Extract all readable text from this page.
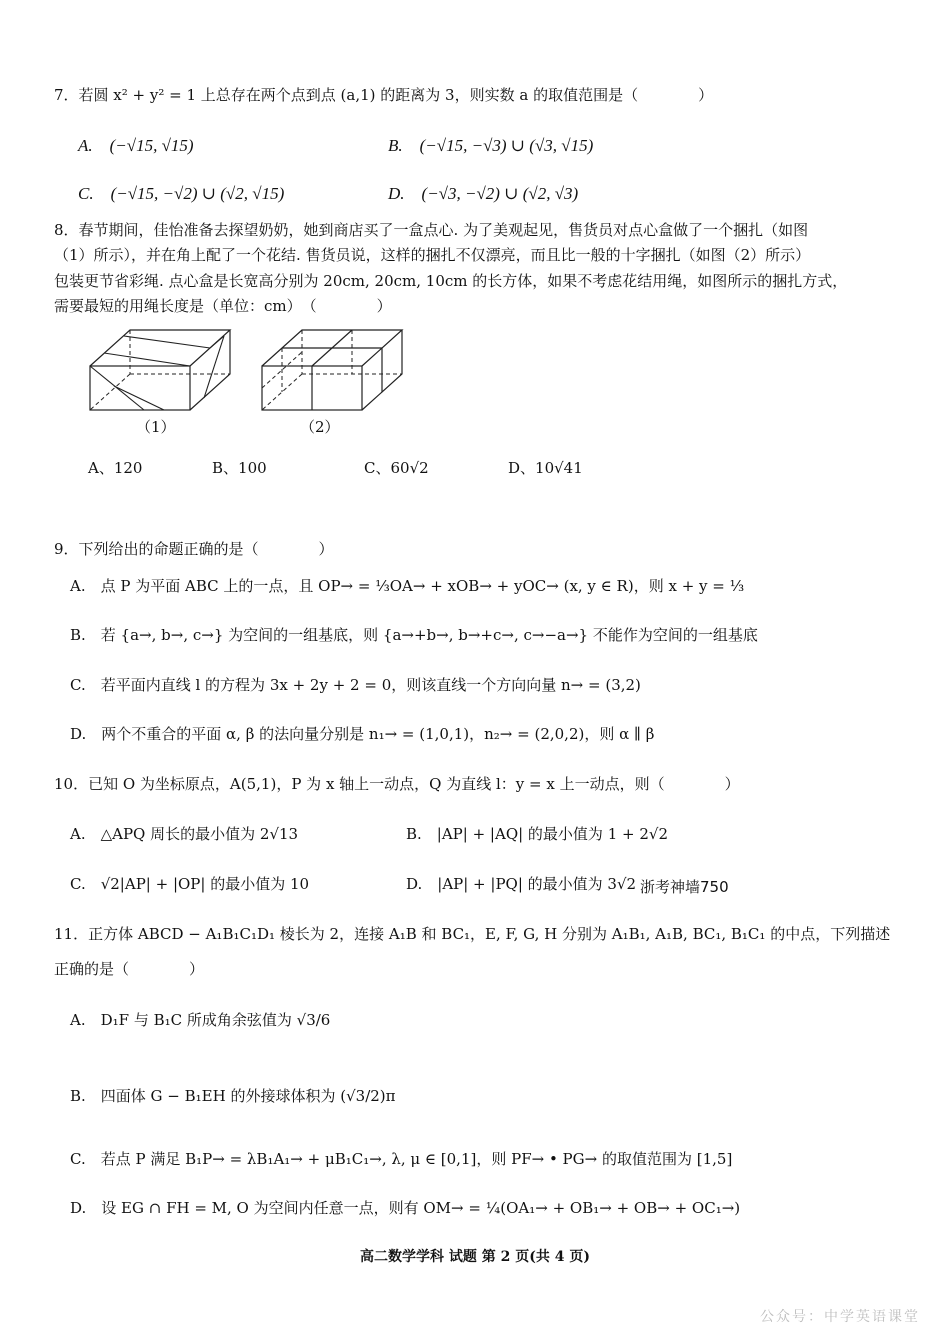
7．若圆 x² + y² = 1 上总存在两个点到点 (a,1) 的距离为 3，则实数 a 的取值范围是（　　　　）
A.　(−√15, √15)	B.　(−√15, −√3) ∪ (√3, √15)
C.　(−√15, −√2) ∪ (√2, √15)	D.　(−√3, −√2) ∪ (√2, √3)
8．春节期间，佳怡准备去探望奶奶，她到商店买了一盒点心. 为了美观起见，售货员对点心盒做了一个捆扎（如图
（1）所示），并在角上配了一个花结. 售货员说，这样的捆扎不仅漂亮，而且比一般的十字捆扎（如图（2）所示）
包装更节省彩绳. 点心盒是长宽高分别为 20cm, 20cm, 10cm 的长方体，如果不考虑花结用绳，如图所示的捆扎方式，
需要最短的用绳长度是（单位：cm）　（　　　　）
（1）	（2）
A、120	B、100	C、60√2	D、10√41
9．下列给出的命题正确的是（　　　　）
A.　点 P 为平面 ABC 上的一点，且 OP→ = ⅓OA→ + xOB→ + yOC→ (x, y ∈ R)，则 x + y = ⅓
B.　若 {a→, b→, c→} 为空间的一组基底，则 {a→+b→, b→+c→, c→−a→} 不能作为空间的一组基底
C.　若平面内直线 l 的方程为 3x + 2y + 2 = 0，则该直线一个方向向量 n→ = (3,2)
D.　两个不重合的平面 α, β 的法向量分别是 n₁→ = (1,0,1)，n₂→ = (2,0,2)，则 α ∥ β
10．已知 O 为坐标原点，A(5,1)，P 为 x 轴上一动点，Q 为直线 l：y = x 上一动点，则（　　　　）
A.　△APQ 周长的最小值为 2√13	B.　|AP| + |AQ| 的最小值为 1 + 2√2
C.　√2|AP| + |OP| 的最小值为 10	D.　|AP| + |PQ| 的最小值为 3√2 浙考神墙750
11．正方体 ABCD − A₁B₁C₁D₁ 棱长为 2，连接 A₁B 和 BC₁，E, F, G, H 分别为 A₁B₁, A₁B, BC₁, B₁C₁ 的中点，下列描述
正确的是（　　　　）
A.　D₁F 与 B₁C 所成角余弦值为 √3/6
B.　四面体 G − B₁EH 的外接球体积为 (√3/2)π
C.　若点 P 满足 B₁P→ = λB₁A₁→ + μB₁C₁→, λ, μ ∈ [0,1]，则 PF→ • PG→ 的取值范围为 [1,5]
D.　设 EG ∩ FH = M, O 为空间内任意一点，则有 OM→ = ¼(OA₁→ + OB₁→ + OB→ + OC₁→)
高二数学学科 试题 第 2 页(共 4 页)
公众号：中学英语课堂
